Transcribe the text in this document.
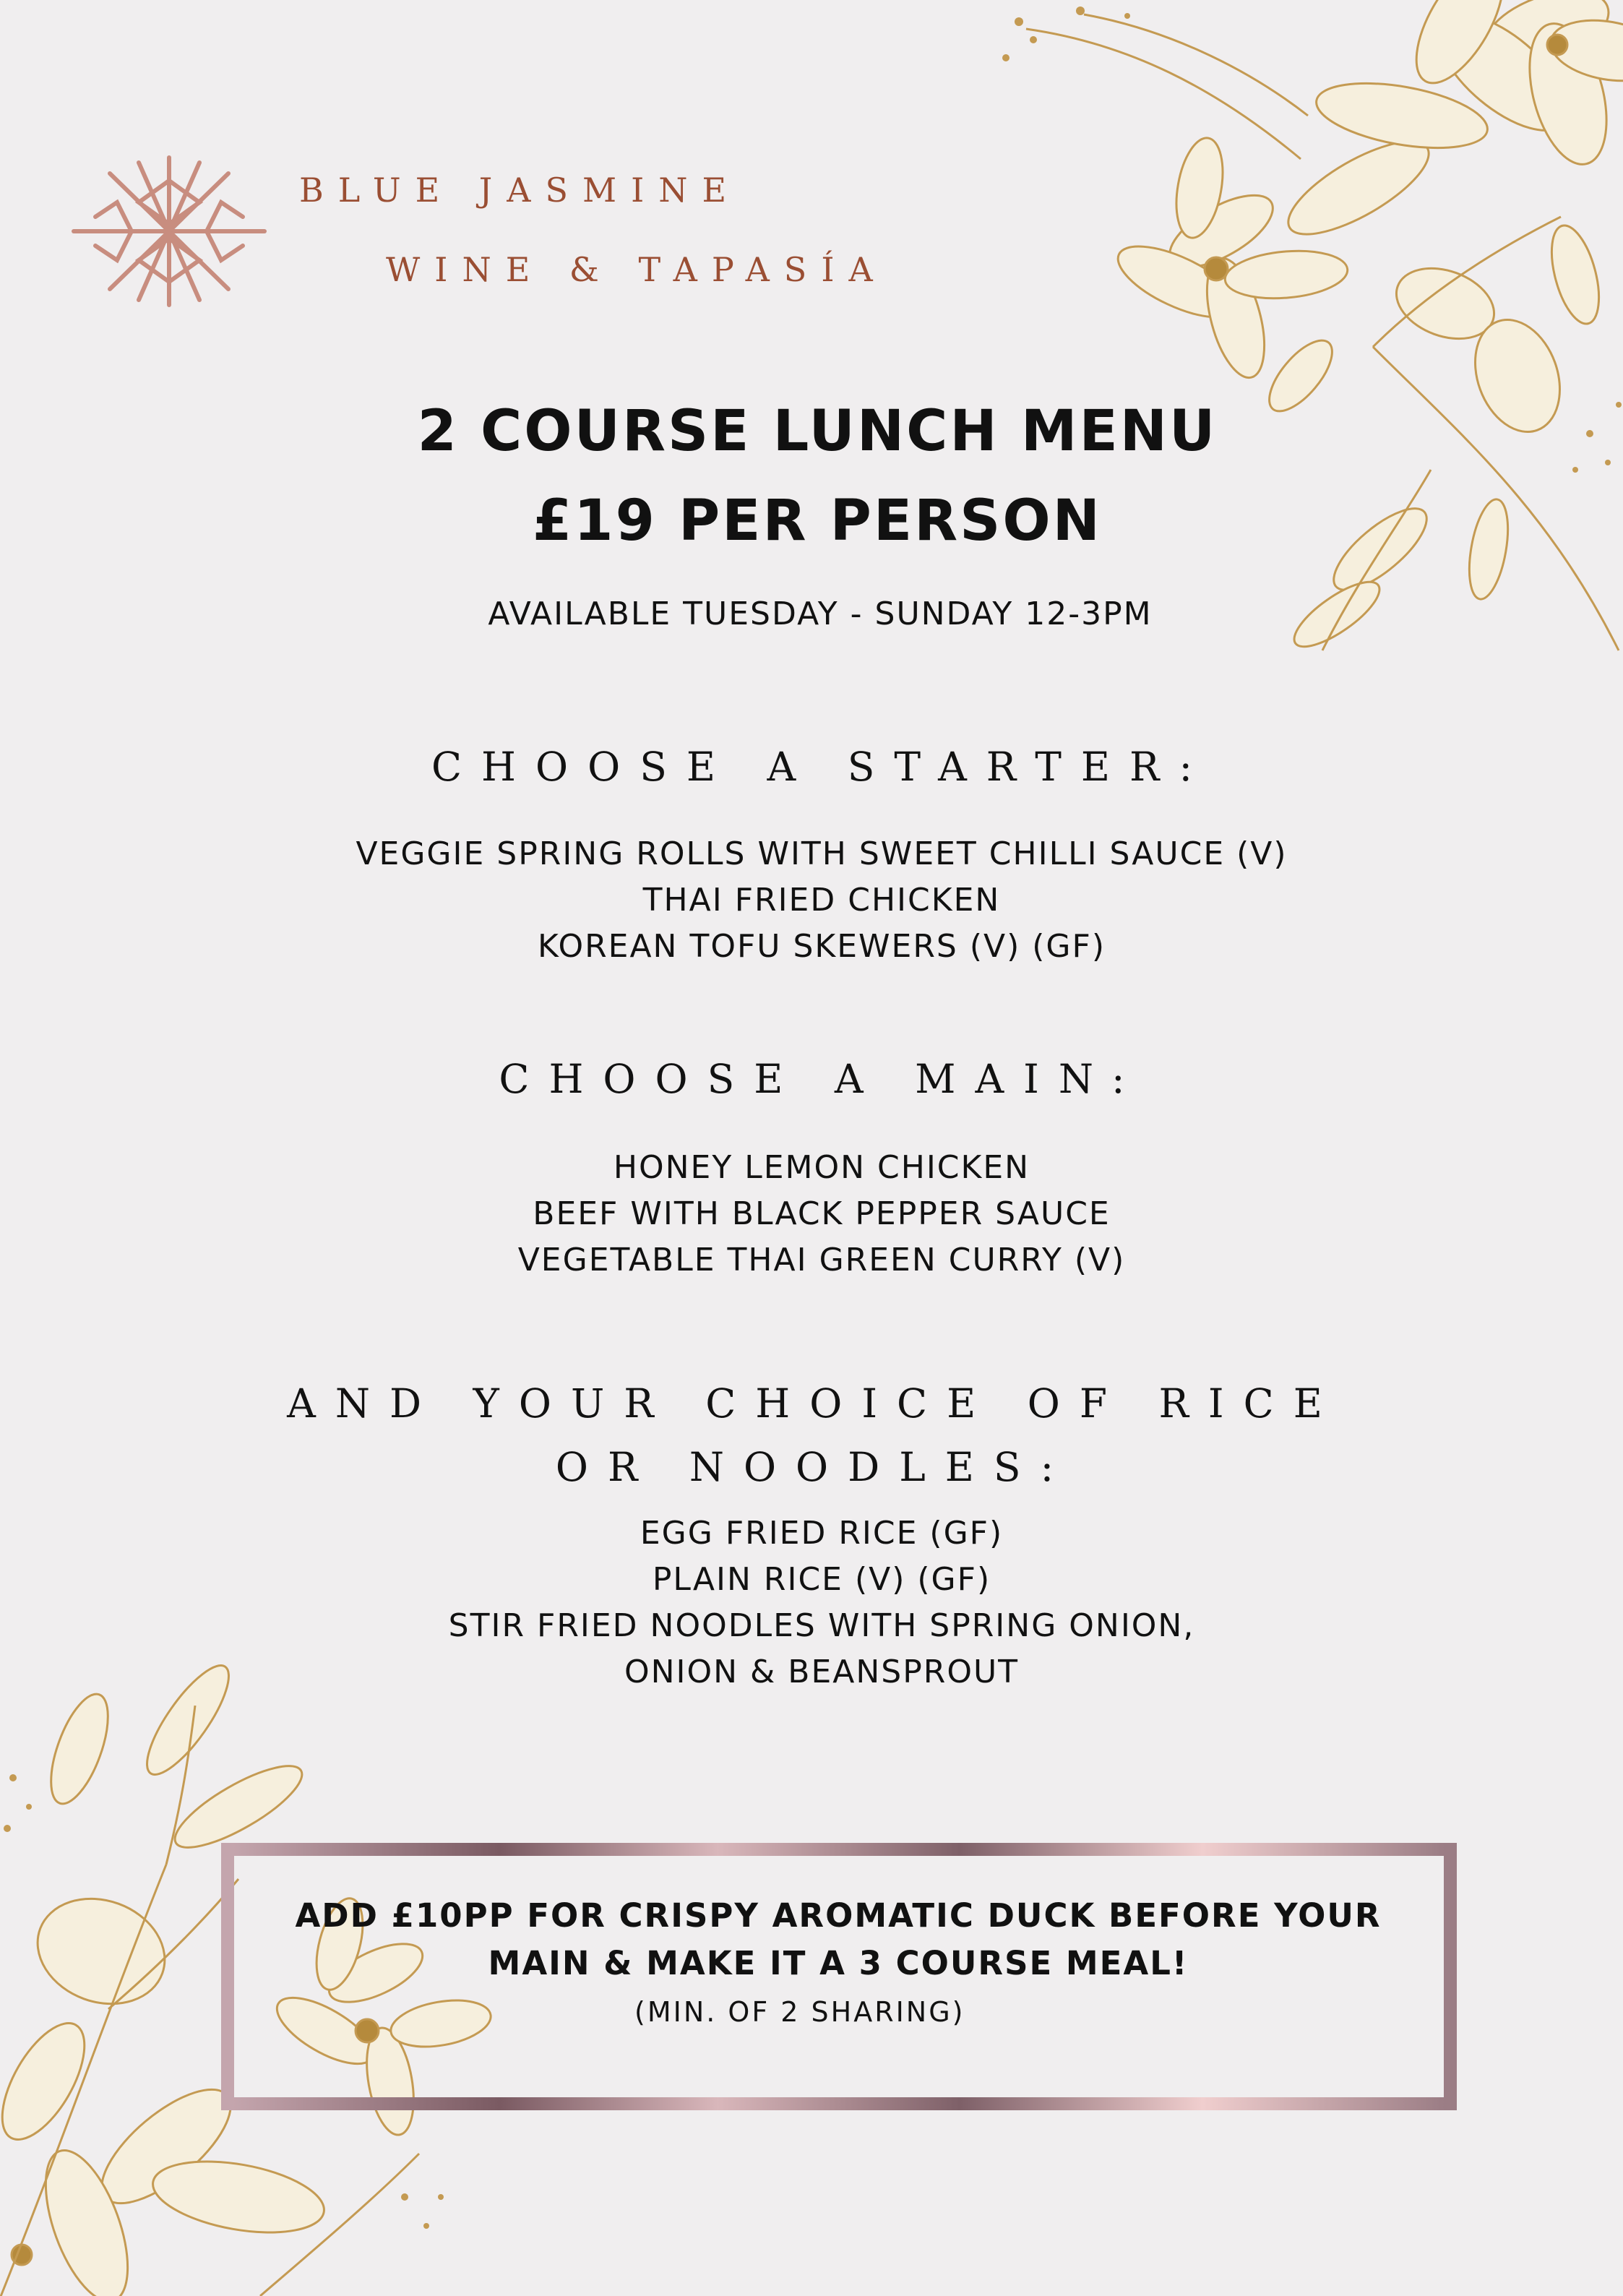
BLUE JASMINE
WINE & TAPASÍA
2 COURSE LUNCH MENU
£19 PER PERSON
AVAILABLE TUESDAY - SUNDAY 12-3PM
CHOOSE A STARTER:
VEGGIE SPRING ROLLS WITH SWEET CHILLI SAUCE (V)
THAI FRIED CHICKEN
KOREAN TOFU SKEWERS (V) (GF)
CHOOSE A MAIN:
HONEY LEMON CHICKEN
BEEF WITH BLACK PEPPER SAUCE
VEGETABLE THAI GREEN CURRY (V)
AND YOUR CHOICE OF RICE OR NOODLES:
EGG FRIED RICE (GF)
PLAIN RICE (V) (GF)
STIR FRIED NOODLES WITH SPRING ONION,
ONION & BEANSPROUT
ADD £10PP FOR CRISPY AROMATIC DUCK BEFORE YOUR
MAIN & MAKE IT A 3 COURSE MEAL!
(MIN. OF 2 SHARING)
